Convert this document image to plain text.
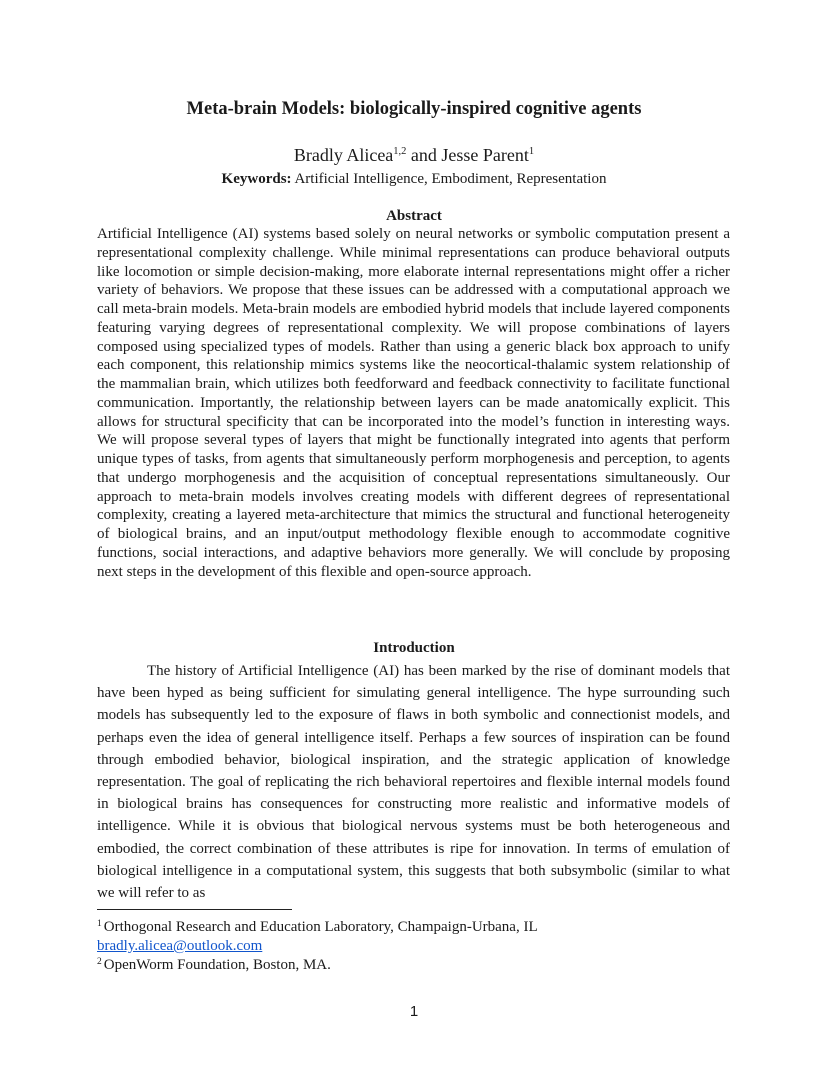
Meta-brain Models: biologically-inspired cognitive agents
Bradly Alicea$^{1,2}$ and Jesse Parent$^1$
Keywords: Artificial Intelligence, Embodiment, Representation
Abstract
Artificial Intelligence (AI) systems based solely on neural networks or symbolic computation present a representational complexity challenge. While minimal representations can produce behavioral outputs like locomotion or simple decision-making, more elaborate internal representations might offer a richer variety of behaviors. We propose that these issues can be addressed with a computational approach we call meta-brain models. Meta-brain models are embodied hybrid models that include layered components featuring varying degrees of representational complexity. We will propose combinations of layers composed using specialized types of models. Rather than using a generic black box approach to unify each component, this relationship mimics systems like the neocortical-thalamic system relationship of the mammalian brain, which utilizes both feedforward and feedback connectivity to facilitate functional communication. Importantly, the relationship between layers can be made anatomically explicit. This allows for structural specificity that can be incorporated into the model’s function in interesting ways. We will propose several types of layers that might be functionally integrated into agents that perform unique types of tasks, from agents that simultaneously perform morphogenesis and perception, to agents that undergo morphogenesis and the acquisition of conceptual representations simultaneously. Our approach to meta-brain models involves creating models with different degrees of representational complexity, creating a layered meta-architecture that mimics the structural and functional heterogeneity of biological brains, and an input/output methodology flexible enough to accommodate cognitive functions, social interactions, and adaptive behaviors more generally. We will conclude by proposing next steps in the development of this flexible and open-source approach.
Introduction
The history of Artificial Intelligence (AI) has been marked by the rise of dominant models that have been hyped as being sufficient for simulating general intelligence. The hype surrounding such models has subsequently led to the exposure of flaws in both symbolic and connectionist models, and perhaps even the idea of general intelligence itself. Perhaps a few sources of inspiration can be found through embodied behavior, biological inspiration, and the strategic application of knowledge representation. The goal of replicating the rich behavioral repertoires and flexible internal models found in biological brains has consequences for constructing more realistic and informative models of intelligence. While it is obvious that biological nervous systems must be both heterogeneous and embodied, the correct combination of these attributes is ripe for innovation. In terms of emulation of biological intelligence in a computational system, this suggests that both subsymbolic (similar to what we will refer to as
$^1$ Orthogonal Research and Education Laboratory, Champaign-Urbana, IL
bradly.alicea@outlook.com
$^2$ OpenWorm Foundation, Boston, MA.
1
